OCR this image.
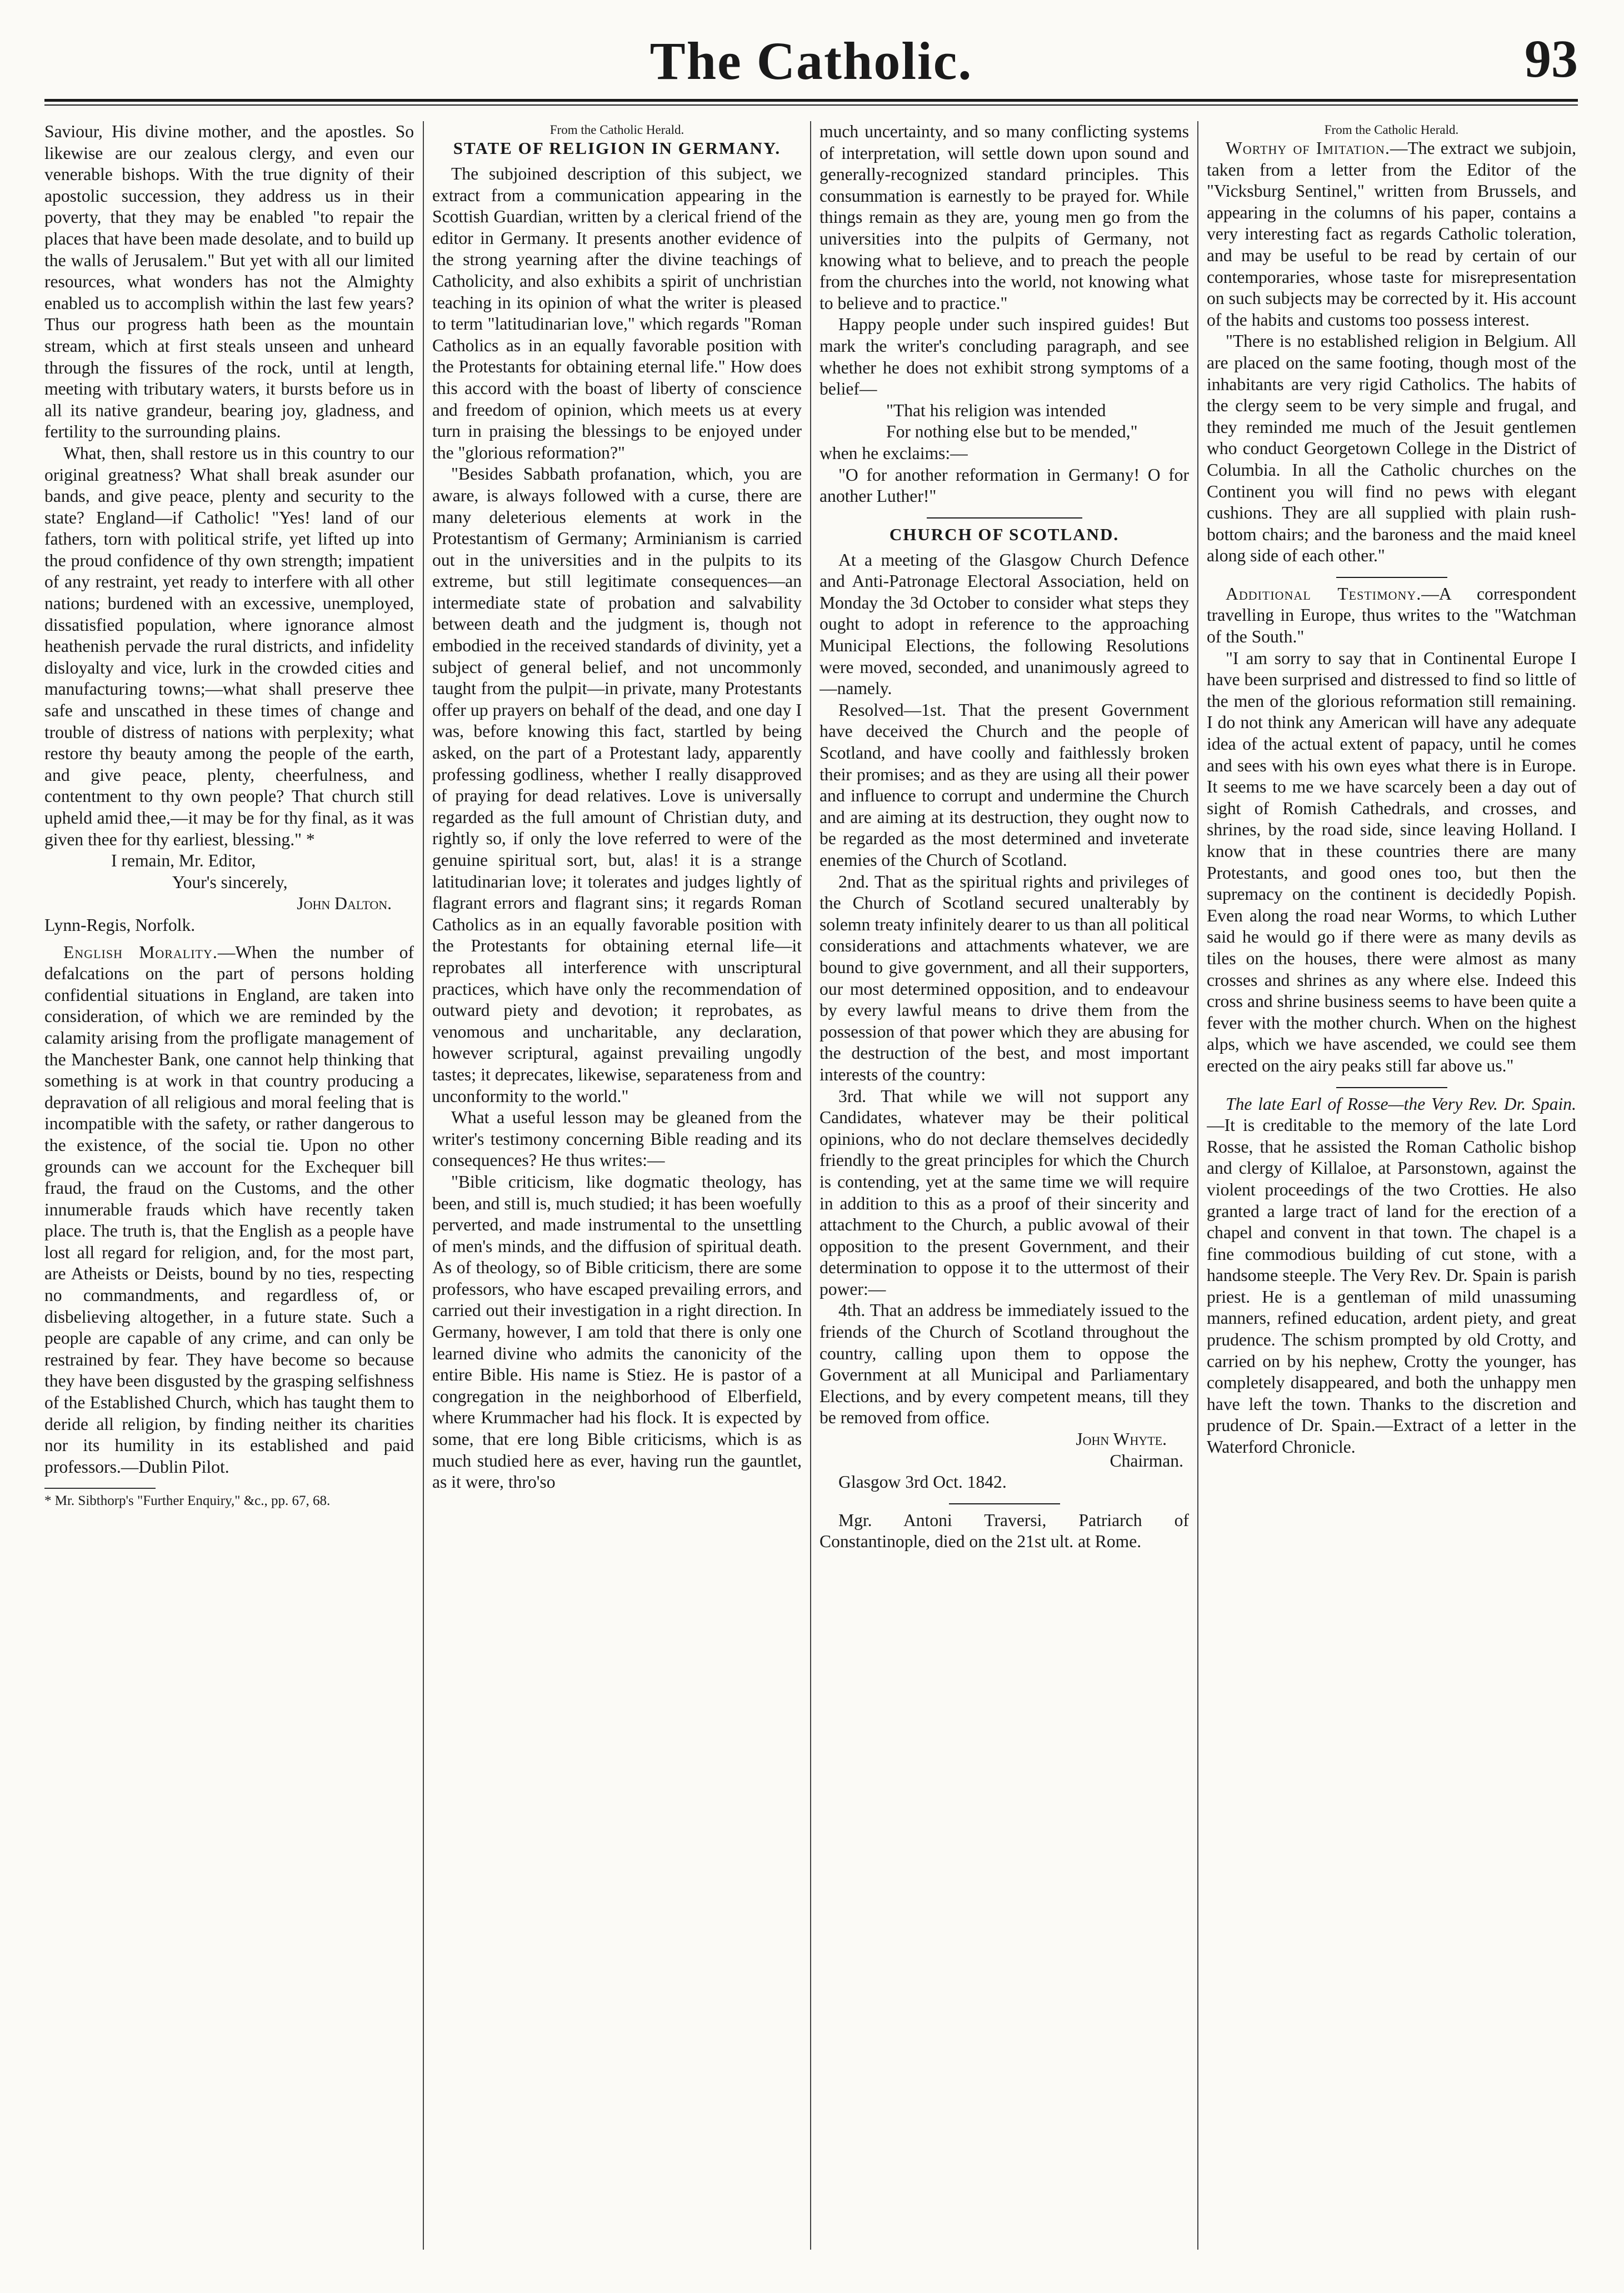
The Catholic.	93

Saviour, His divine mother, and the apostles. So likewise are our zealous clergy, and even our venerable bishops. With the true dignity of their apostolic succession, they address us in their poverty, that they may be enabled "to repair the places that have been made desolate, and to build up the walls of Jerusalem." But yet with all our limited resources, what wonders has not the Almighty enabled us to accomplish within the last few years? Thus our progress hath been as the mountain stream, which at first steals unseen and unheard through the fissures of the rock, until at length, meeting with tributary waters, it bursts before us in all its native grandeur, bearing joy, gladness, and fertility to the surrounding plains.

What, then, shall restore us in this country to our original greatness? What shall break asunder our bands, and give peace, plenty and security to the state? England—if Catholic! "Yes! land of our fathers, torn with political strife, yet lifted up into the proud confidence of thy own strength; impatient of any restraint, yet ready to interfere with all other nations; burdened with an excessive, unemployed, dissatisfied population, where ignorance almost heathenish pervade the rural districts, and infidelity disloyalty and vice, lurk in the crowded cities and manufacturing towns;—what shall preserve thee safe and unscathed in these times of change and trouble of distress of nations with perplexity; what restore thy beauty among the people of the earth, and give peace, plenty, cheerfulness, and contentment to thy own people? That church still upheld amid thee,—it may be for thy final, as it was given thee for thy earliest, blessing." *

I remain, Mr. Editor,

Your's sincerely,

John Dalton.

Lynn-Regis, Norfolk.

English Morality.—When the number of defalcations on the part of persons holding confidential situations in England, are taken into consideration, of which we are reminded by the calamity arising from the profligate management of the Manchester Bank, one cannot help thinking that something is at work in that country producing a depravation of all religious and moral feeling that is incompatible with the safety, or rather dangerous to the existence, of the social tie. Upon no other grounds can we account for the Exchequer bill fraud, the fraud on the Customs, and the other innumerable frauds which have recently taken place. The truth is, that the English as a people have lost all regard for religion, and, for the most part, are Atheists or Deists, bound by no ties, respecting no commandments, and regardless of, or disbelieving altogether, in a future state. Such a people are capable of any crime, and can only be restrained by fear. They have become so because they have been disgusted by the grasping selfishness of the Established Church, which has taught them to deride all religion, by finding neither its charities nor its humility in its established and paid professors.—Dublin Pilot.

* Mr. Sibthorp's "Further Enquiry," &c., pp. 67, 68.

From the Catholic Herald.

STATE OF RELIGION IN GERMANY.

The subjoined description of this subject, we extract from a communication appearing in the Scottish Guardian, written by a clerical friend of the editor in Germany. It presents another evidence of the strong yearning after the divine teachings of Catholicity, and also exhibits a spirit of unchristian teaching in its opinion of what the writer is pleased to term "latitudinarian love," which regards "Roman Catholics as in an equally favorable position with the Protestants for obtaining eternal life." How does this accord with the boast of liberty of conscience and freedom of opinion, which meets us at every turn in praising the blessings to be enjoyed under the "glorious reformation?"

"Besides Sabbath profanation, which, you are aware, is always followed with a curse, there are many deleterious elements at work in the Protestantism of Germany; Arminianism is carried out in the universities and in the pulpits to its extreme, but still legitimate consequences—an intermediate state of probation and salvability between death and the judgment is, though not embodied in the received standards of divinity, yet a subject of general belief, and not uncommonly taught from the pulpit—in private, many Protestants offer up prayers on behalf of the dead, and one day I was, before knowing this fact, startled by being asked, on the part of a Protestant lady, apparently professing godliness, whether I really disapproved of praying for dead relatives. Love is universally regarded as the full amount of Christian duty, and rightly so, if only the love referred to were of the genuine spiritual sort, but, alas! it is a strange latitudinarian love; it tolerates and judges lightly of flagrant errors and flagrant sins; it regards Roman Catholics as in an equally favorable position with the Protestants for obtaining eternal life—it reprobates all interference with unscriptural practices, which have only the recommendation of outward piety and devotion; it reprobates, as venomous and uncharitable, any declaration, however scriptural, against prevailing ungodly tastes; it deprecates, likewise, separateness from and unconformity to the world."

What a useful lesson may be gleaned from the writer's testimony concerning Bible reading and its consequences? He thus writes:—

"Bible criticism, like dogmatic theology, has been, and still is, much studied; it has been woefully perverted, and made instrumental to the unsettling of men's minds, and the diffusion of spiritual death. As of theology, so of Bible criticism, there are some professors, who have escaped prevailing errors, and carried out their investigation in a right direction. In Germany, however, I am told that there is only one learned divine who admits the canonicity of the entire Bible. His name is Stiez. He is pastor of a congregation in the neighborhood of Elberfield, where Krummacher had his flock. It is expected by some, that ere long Bible criticisms, which is as much studied here as ever, having run the gauntlet, as it were, thro'so

much uncertainty, and so many conflicting systems of interpretation, will settle down upon sound and generally-recognized standard principles. This consummation is earnestly to be prayed for. While things remain as they are, young men go from the universities into the pulpits of Germany, not knowing what to believe, and to preach the people from the churches into the world, not knowing what to believe and to practice."

Happy people under such inspired guides! But mark the writer's concluding paragraph, and see whether he does not exhibit strong symptoms of a belief—

"That his religion was intended

For nothing else but to be mended,"

when he exclaims:—

"O for another reformation in Germany! O for another Luther!"

CHURCH OF SCOTLAND.

At a meeting of the Glasgow Church Defence and Anti-Patronage Electoral Association, held on Monday the 3d October to consider what steps they ought to adopt in reference to the approaching Municipal Elections, the following Resolutions were moved, seconded, and unanimously agreed to—namely.

Resolved—1st. That the present Government have deceived the Church and the people of Scotland, and have coolly and faithlessly broken their promises; and as they are using all their power and influence to corrupt and undermine the Church and are aiming at its destruction, they ought now to be regarded as the most determined and inveterate enemies of the Church of Scotland.

2nd. That as the spiritual rights and privileges of the Church of Scotland secured unalterably by solemn treaty infinitely dearer to us than all political considerations and attachments whatever, we are bound to give government, and all their supporters, our most determined opposition, and to endeavour by every lawful means to drive them from the possession of that power which they are abusing for the destruction of the best, and most important interests of the country:

3rd. That while we will not support any Candidates, whatever may be their political opinions, who do not declare themselves decidedly friendly to the great principles for which the Church is contending, yet at the same time we will require in addition to this as a proof of their sincerity and attachment to the Church, a public avowal of their opposition to the present Government, and their determination to oppose it to the uttermost of their power:—

4th. That an address be immediately issued to the friends of the Church of Scotland throughout the country, calling upon them to oppose the Government at all Municipal and Parliamentary Elections, and by every competent means, till they be removed from office.

John Whyte.

Chairman.

Glasgow 3rd Oct. 1842.

Mgr. Antoni Traversi, Patriarch of Constantinople, died on the 21st ult. at Rome.

From the Catholic Herald.

Worthy of Imitation.—The extract we subjoin, taken from a letter from the Editor of the "Vicksburg Sentinel," written from Brussels, and appearing in the columns of his paper, contains a very interesting fact as regards Catholic toleration, and may be useful to be read by certain of our contemporaries, whose taste for misrepresentation on such subjects may be corrected by it. His account of the habits and customs too possess interest.

"There is no established religion in Belgium. All are placed on the same footing, though most of the inhabitants are very rigid Catholics. The habits of the clergy seem to be very simple and frugal, and they reminded me much of the Jesuit gentlemen who conduct Georgetown College in the District of Columbia. In all the Catholic churches on the Continent you will find no pews with elegant cushions. They are all supplied with plain rush-bottom chairs; and the baroness and the maid kneel along side of each other."

Additional Testimony.—A correspondent travelling in Europe, thus writes to the "Watchman of the South."

"I am sorry to say that in Continental Europe I have been surprised and distressed to find so little of the men of the glorious reformation still remaining. I do not think any American will have any adequate idea of the actual extent of papacy, until he comes and sees with his own eyes what there is in Europe. It seems to me we have scarcely been a day out of sight of Romish Cathedrals, and crosses, and shrines, by the road side, since leaving Holland. I know that in these countries there are many Protestants, and good ones too, but then the supremacy on the continent is decidedly Popish. Even along the road near Worms, to which Luther said he would go if there were as many devils as tiles on the houses, there were almost as many crosses and shrines as any where else. Indeed this cross and shrine business seems to have been quite a fever with the mother church. When on the highest alps, which we have ascended, we could see them erected on the airy peaks still far above us."

The late Earl of Rosse—the Very Rev. Dr. Spain.—It is creditable to the memory of the late Lord Rosse, that he assisted the Roman Catholic bishop and clergy of Killaloe, at Parsonstown, against the violent proceedings of the two Crotties. He also granted a large tract of land for the erection of a chapel and convent in that town. The chapel is a fine commodious building of cut stone, with a handsome steeple. The Very Rev. Dr. Spain is parish priest. He is a gentleman of mild unassuming manners, refined education, ardent piety, and great prudence. The schism prompted by old Crotty, and carried on by his nephew, Crotty the younger, has completely disappeared, and both the unhappy men have left the town. Thanks to the discretion and prudence of Dr. Spain.—Extract of a letter in the Waterford Chronicle.
